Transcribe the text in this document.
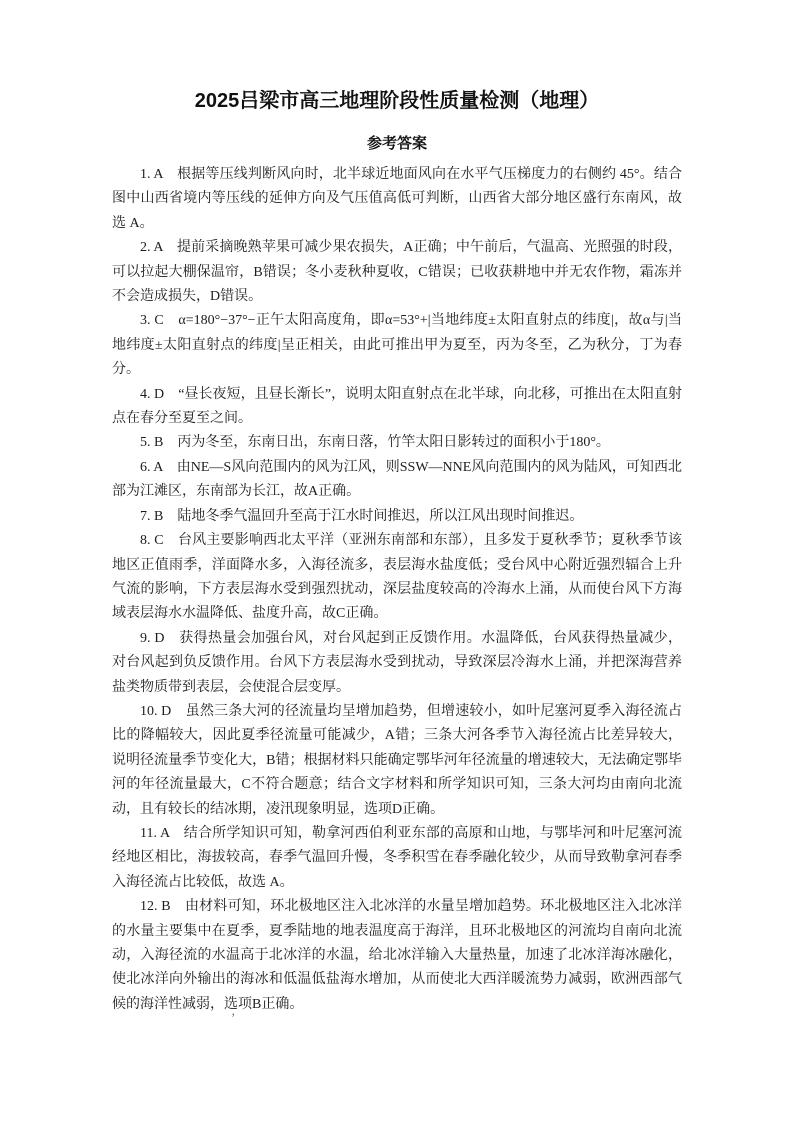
2025吕梁市高三地理阶段性质量检测（地理）
参考答案

1. A　根据等压线判断风向时，北半球近地面风向在水平气压梯度力的右侧约 45°。结合图中山西省境内等压线的延伸方向及气压值高低可判断，山西省大部分地区盛行东南风，故选 A。

2. A　提前采摘晚熟苹果可减少果农损失，A正确；中午前后，气温高、光照强的时段，可以拉起大棚保温帘，B错误；冬小麦秋种夏收，C错误；已收获耕地中并无农作物，霜冻并不会造成损失，D错误。

3. C　α=180°−37°−正午太阳高度角，即α=53°+|当地纬度±太阳直射点的纬度|，故α与|当地纬度±太阳直射点的纬度|呈正相关，由此可推出甲为夏至，丙为冬至，乙为秋分，丁为春分。

4. D　“昼长夜短，且昼长渐长”，说明太阳直射点在北半球，向北移，可推出在太阳直射点在春分至夏至之间。

5. B　丙为冬至，东南日出，东南日落，竹竿太阳日影转过的面积小于180°。

6. A　由NE—S风向范围内的风为江风，则SSW—NNE风向范围内的风为陆风，可知西北部为江滩区，东南部为长江，故A正确。

7. B　陆地冬季气温回升至高于江水时间推迟，所以江风出现时间推迟。

8. C　台风主要影响西北太平洋（亚洲东南部和东部），且多发于夏秋季节；夏秋季节该地区正值雨季，洋面降水多，入海径流多，表层海水盐度低；受台风中心附近强烈辐合上升气流的影响，下方表层海水受到强烈扰动，深层盐度较高的冷海水上涌，从而使台风下方海域表层海水水温降低、盐度升高，故C正确。

9. D　获得热量会加强台风，对台风起到正反馈作用。水温降低，台风获得热量减少，对台风起到负反馈作用。台风下方表层海水受到扰动，导致深层冷海水上涌，并把深海营养盐类物质带到表层，会使混合层变厚。

10. D　虽然三条大河的径流量均呈增加趋势，但增速较小，如叶尼塞河夏季入海径流占比的降幅较大，因此夏季径流量可能减少，A错；三条大河各季节入海径流占比差异较大，说明径流量季节变化大，B错；根据材料只能确定鄂毕河年径流量的增速较大，无法确定鄂毕河的年径流量最大，C不符合题意；结合文字材料和所学知识可知，三条大河均由南向北流动，且有较长的结冰期，凌汛现象明显，选项D正确。

11. A　结合所学知识可知，勒拿河西伯利亚东部的高原和山地，与鄂毕河和叶尼塞河流经地区相比，海拔较高，春季气温回升慢，冬季积雪在春季融化较少，从而导致勒拿河春季入海径流占比较低，故选 A。

12. B　由材料可知，环北极地区注入北冰洋的水量呈增加趋势。环北极地区注入北冰洋的水量主要集中在夏季，夏季陆地的地表温度高于海洋，且环北极地区的河流均自南向北流动，入海径流的水温高于北冰洋的水温，给北冰洋输入大量热量，加速了北冰洋海冰融化，使北冰洋向外输出的海冰和低温低盐海水增加，从而使北大西洋暖流势力减弱，欧洲西部气候的海洋性减弱，选项B正确。

’
